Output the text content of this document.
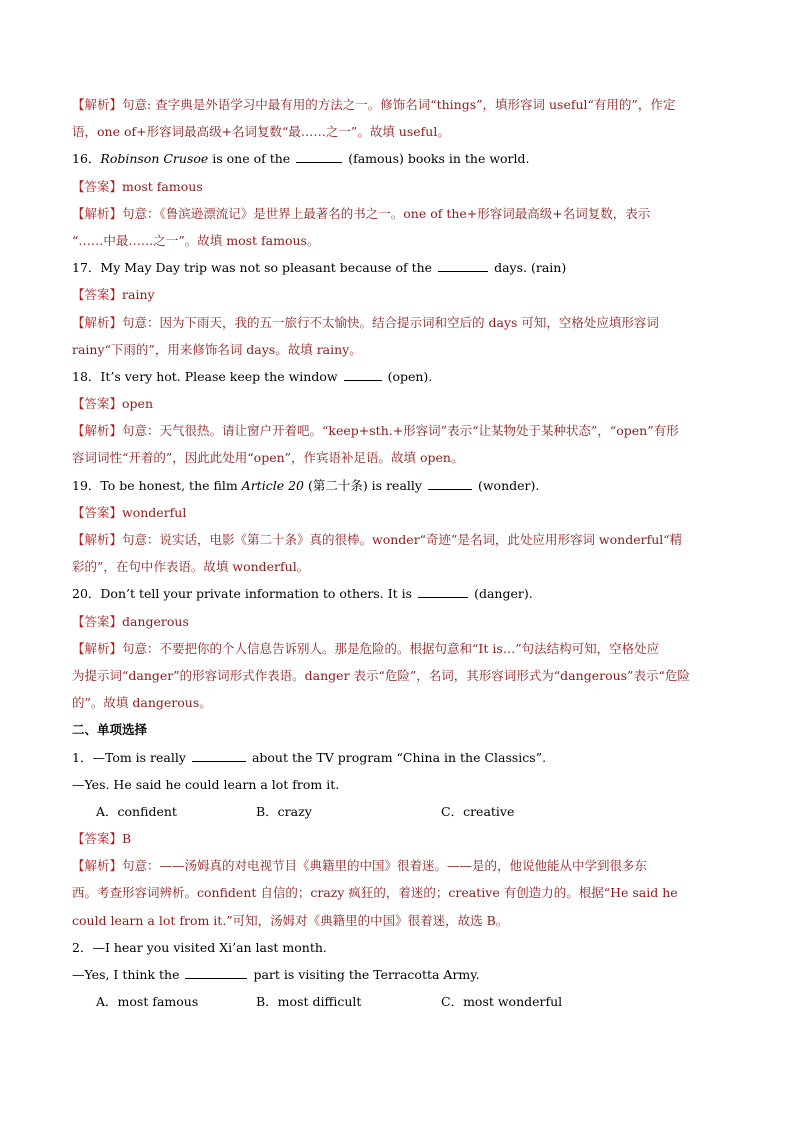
【解析】句意: 查字典是外语学习中最有用的方法之一。修饰名词“things”，填形容词 useful“有用的”，作定
语，one of+形容词最高级+名词复数“最……之一”。故填 useful。
16．Robinson Crusoe is one of the	(famous) books in the world.
【答案】most famous
【解析】句意：《鲁滨逊漂流记》是世界上最著名的书之一。one of the+形容词最高级+名词复数，表示
“……中最……之一”。故填 most famous。
17．My May Day trip was not so pleasant because of the	days. (rain)
【答案】rainy
【解析】句意：因为下雨天，我的五一旅行不太愉快。结合提示词和空后的 days 可知，空格处应填形容词
rainy“下雨的”，用来修饰名词 days。故填 rainy。
18．It’s very hot. Please keep the window	(open).
【答案】open
【解析】句意：天气很热。请让窗户开着吧。“keep+sth.+形容词”表示“让某物处于某种状态”，“open”有形
容词词性“开着的”，因此此处用“open”，作宾语补足语。故填 open。
19．To be honest, the film Article 20 (第二十条) is really	(wonder).
【答案】wonderful
【解析】句意：说实话，电影《第二十条》真的很棒。wonder“奇迹”是名词，此处应用形容词 wonderful“精
彩的”，在句中作表语。故填 wonderful。
20．Don’t tell your private information to others. It is	(danger).
【答案】dangerous
【解析】句意：不要把你的个人信息告诉别人。那是危险的。根据句意和“It is…”句法结构可知，空格处应
为提示词“danger”的形容词形式作表语。danger 表示“危险”，名词，其形容词形式为“dangerous”表示“危险
的”。故填 dangerous。
二、单项选择
1．—Tom is really	about the TV program “China in the Classics”.
—Yes. He said he could learn a lot from it.
A．confident	B．crazy	C．creative
【答案】B
【解析】句意：——汤姆真的对电视节目《典籍里的中国》很着迷。——是的，他说他能从中学到很多东
西。考查形容词辨析。confident 自信的；crazy 疯狂的，着迷的；creative 有创造力的。根据“He said he
could learn a lot from it.”可知，汤姆对《典籍里的中国》很着迷，故选 B。
2．—I hear you visited Xi’an last month.
—Yes, I think the	part is visiting the Terracotta Army.
A．most famous	B．most difficult	C．most wonderful
